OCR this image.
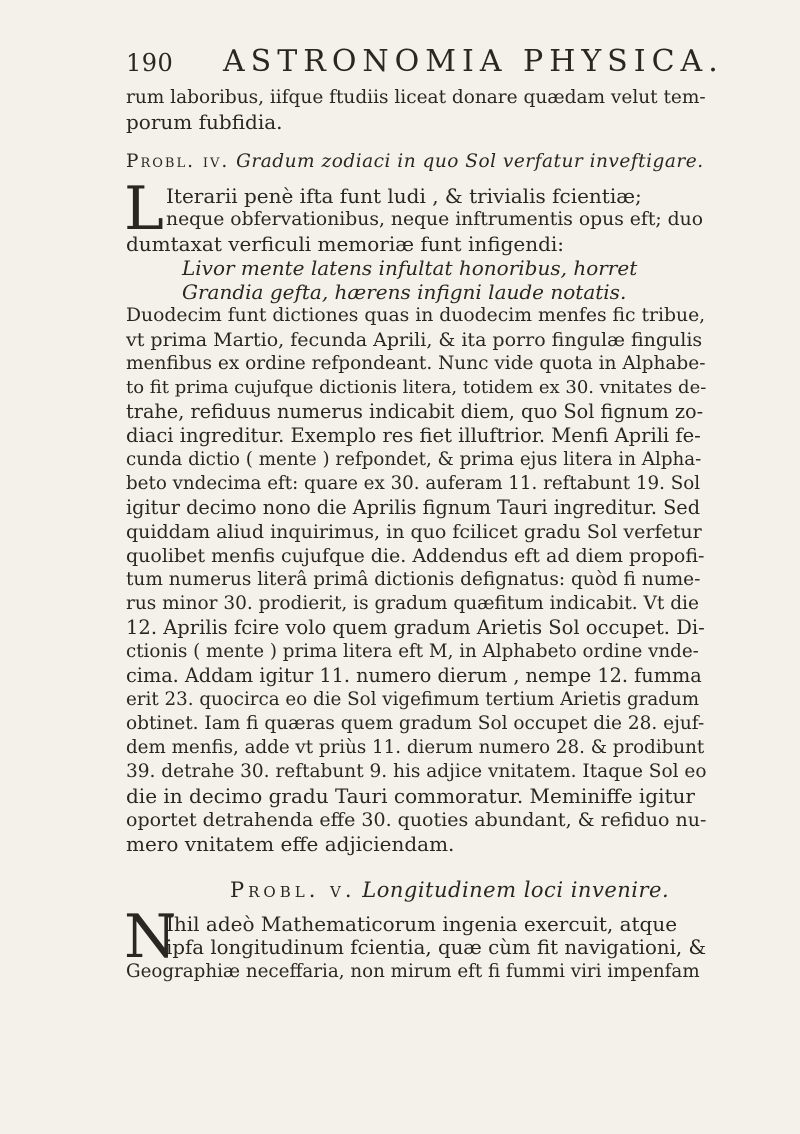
190 ASTRONOMIA PHYSICA.
rum laboribus, iifque ftudiis liceat donare quædam velut tem-
porum fubfidia.
Probl. iv. Gradum zodiaci in quo Sol verfatur inveftigare.
L Iterarii penè ifta funt ludi , & trivialis fcientiæ;
neque obfervationibus, neque inftrumentis opus eft; duo
dumtaxat verficuli memoriæ funt infigendi:
Livor mente latens infultat honoribus, horret
Grandia gefta, hærens infigni laude notatis.
Duodecim funt dictiones quas in duodecim menfes fic tribue,
vt prima Martio, fecunda Aprili, & ita porro fingulæ fingulis
menfibus ex ordine refpondeant. Nunc vide quota in Alphabe-
to fit prima cujufque dictionis litera, totidem ex 30. vnitates de-
trahe, refiduus numerus indicabit diem, quo Sol fignum zo-
diaci ingreditur. Exemplo res fiet illuftrior. Menfi Aprili fe-
cunda dictio ( mente ) refpondet, & prima ejus litera in Alpha-
beto vndecima eft: quare ex 30. auferam 11. reftabunt 19. Sol
igitur decimo nono die Aprilis fignum Tauri ingreditur. Sed
quiddam aliud inquirimus, in quo fcilicet gradu Sol verfetur
quolibet menfis cujufque die. Addendus eft ad diem propofi-
tum numerus literâ primâ dictionis defignatus: quòd fi nume-
rus minor 30. prodierit, is gradum quæfitum indicabit. Vt die
12. Aprilis fcire volo quem gradum Arietis Sol occupet. Di-
ctionis ( mente ) prima litera eft M, in Alphabeto ordine vnde-
cima. Addam igitur 11. numero dierum , nempe 12. fumma
erit 23. quocirca eo die Sol vigefimum tertium Arietis gradum
obtinet. Iam fi quæras quem gradum Sol occupet die 28. ejuf-
dem menfis, adde vt priùs 11. dierum numero 28. & prodibunt
39. detrahe 30. reftabunt 9. his adjice vnitatem. Itaque Sol eo
die in decimo gradu Tauri commoratur. Meminiffe igitur
oportet detrahenda effe 30. quoties abundant, & refiduo nu-
mero vnitatem effe adjiciendam.
Probl. v. Longitudinem loci invenire.
N
Ihil adeò Mathematicorum ingenia exercuit, atque
ipfa longitudinum fcientia, quæ cùm fit navigationi, &
Geographiæ neceffaria, non mirum eft fi fummi viri impenfam
